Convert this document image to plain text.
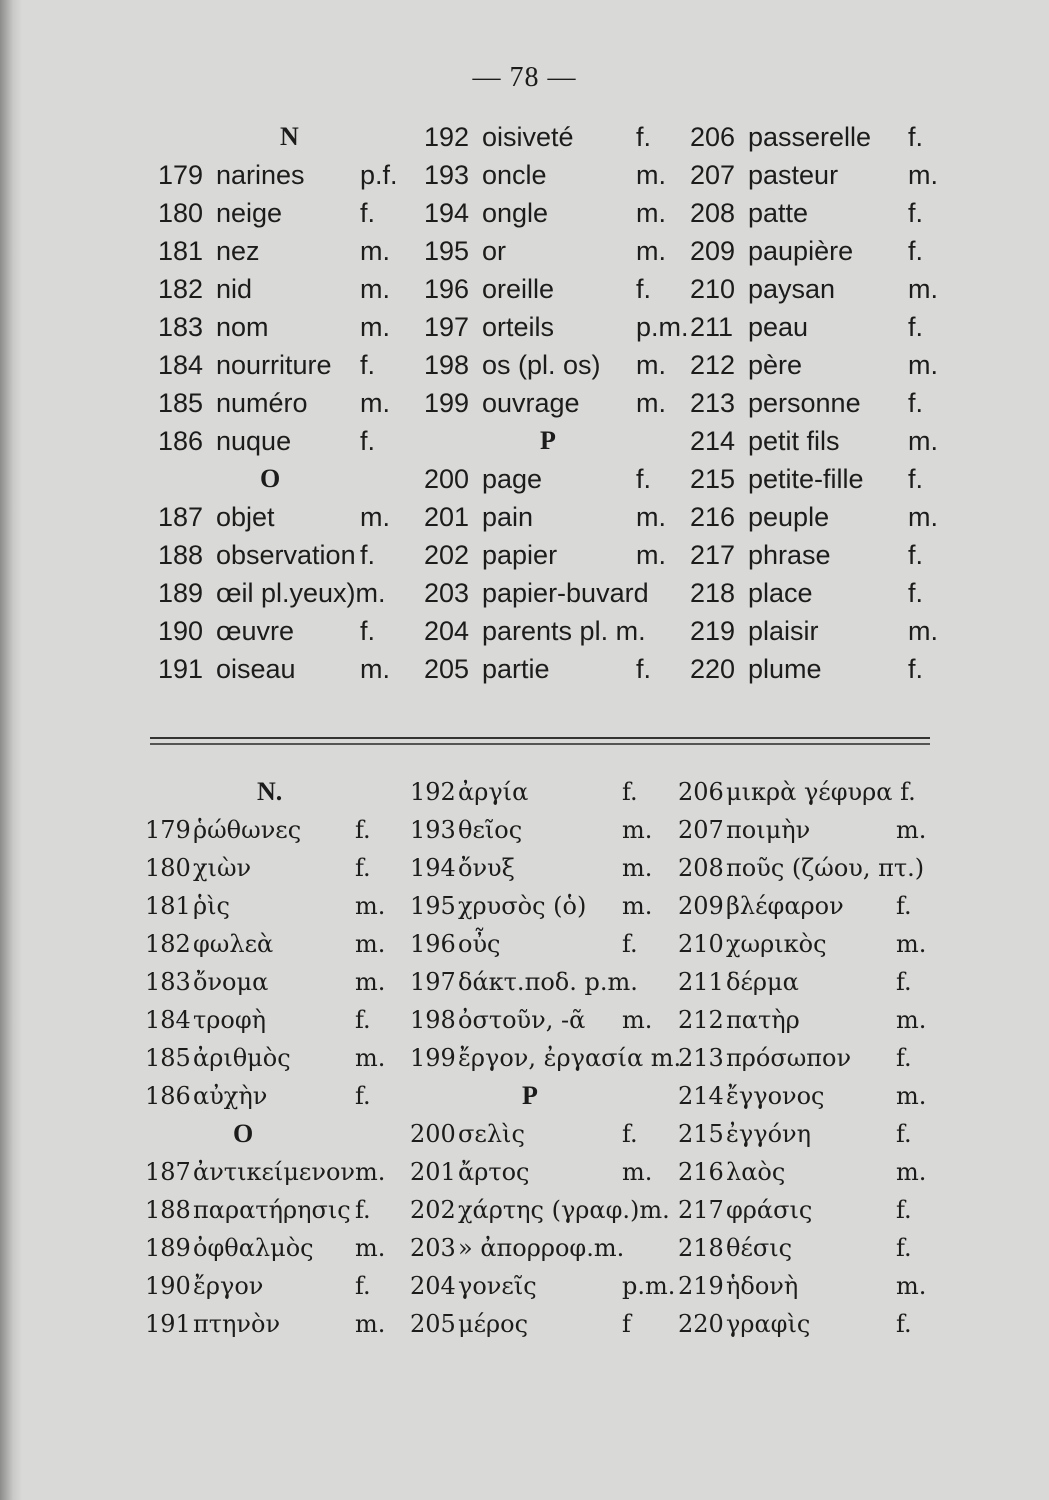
— 78 —
N
179 narines p.f.
180 neige	f.
181 nez	m.
182 nid	m.
183 nom	m.
184 nourriture f.
185 numéro m.
186 nuque	f.
O
187 objet	m.
188 observation f.
189 œil pl.yeux)m.
190 œuvre f.
191 oiseau m.
192 oisiveté f.
193 oncle	m.
194 ongle	m.
195 or	m.
196 oreille	f.
197 orteils	p.m.
198 os (pl. os) m.
199 ouvrage m.
P
200 page	f.
201 pain	m.
202 papier	m.
203 papier-buvard
204 parents pl. m.
205 partie	f.
206 passerelle f.
207 pasteur	m.
208 patte	f.
209 paupière f.
210 paysan	m.
211 peau	f.
212 père	m.
213 personne f.
214 petit fils	m.
215 petite-fille f.
216 peuple	m.
217 phrase	f.
218 place	f.
219 plaisir	m.
220 plume	f.
N.
179 ῥώθωνες f.
180 χιὼν	f.
181 ῥὶς	m.
182 φωλεὰ	m.
183 ὄνομα	m.
184 τροφὴ	f.
185 ἀριθμὸς	m.
186 αὐχὴν	f.
O
187 ἀντικείμενον m.
188 παρατήρησις f.
189 ὀφθαλμὸς m.
190 ἔργον	f.
191 πτηνὸν	m.
192 ἀργία	f.
193 θεῖος	m.
194 ὄνυξ	m.
195 χρυσὸς (ὁ) m.
196 οὖς	f.
197 δάκτ.ποδ. p.m.
198 ὀστοῦν, -ᾶ m.
199 ἔργον, ἐργασία m.
P
200 σελὶς	f.
201 ἄρτος	m.
202 χάρτης (γραφ.)m.
203 » ἀπορροφ.m.
204 γονεῖς	p.m.
205 μέρος	f
206 μικρὰ γέφυρα f.
207 ποιμὴν	m.
208 ποῦς (ζώου, πτ.)
209 βλέφαρον f.
210 χωρικὸς	m.
211 δέρμα	f.
212 πατὴρ	m.
213 πρόσωπον f.
214 ἔγγονος	m.
215 ἐγγόνη	f.
216 λαὸς	m.
217 φράσις	f.
218 θέσις	f.
219 ἡδονὴ	m.
220 γραφὶς	f.
